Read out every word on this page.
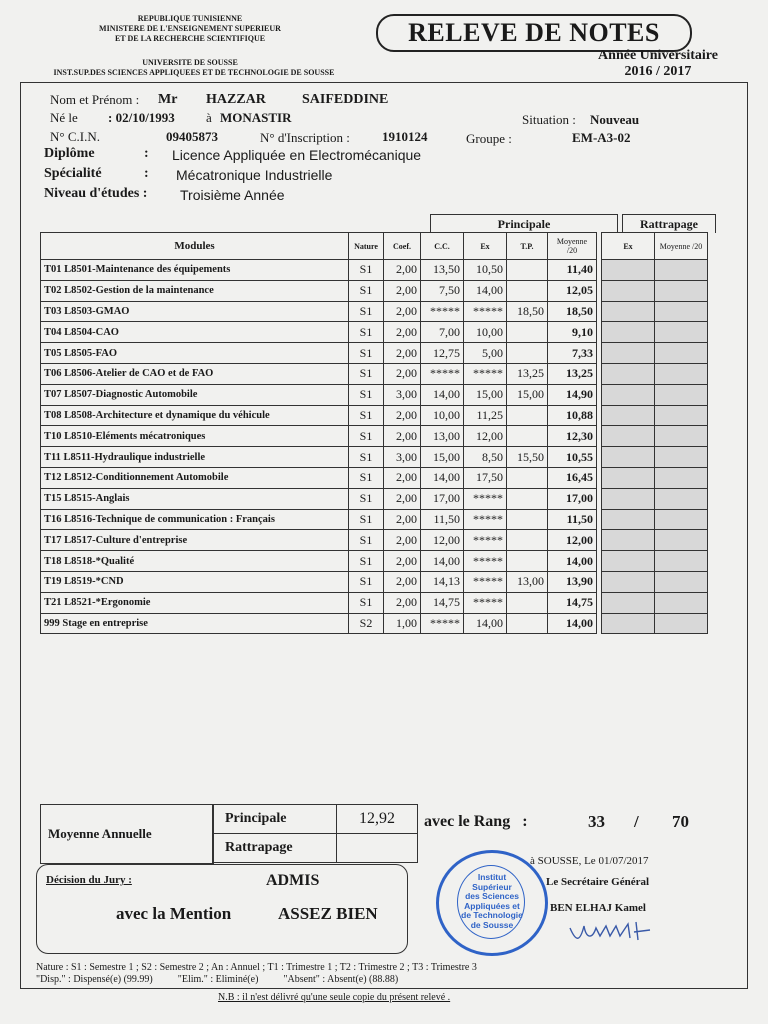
REPUBLIQUE TUNISIENNE
MINISTERE DE L'ENSEIGNEMENT SUPERIEUR
ET DE LA RECHERCHE SCIENTIFIQUE
UNIVERSITE DE SOUSSE
INST.SUP.DES SCIENCES APPLIQUEES ET DE TECHNOLOGIE DE SOUSSE
RELEVE DE NOTES
Année Universitaire
2016 / 2017
Nom et Prénom : Mr HAZZAR	SAIFEDDINE
Né le : 02/10/1993 à MONASTIR	Situation : Nouveau
N° C.I.N.	09405873	N° d'Inscription : 1910124	Groupe :	EM-A3-02
Diplôme	: Licence Appliquée en Electromécanique
Spécialité	: Mécatronique Industrielle
Niveau d'études : Troisième Année
Principale	Rattrapage
Modules	Nature	Coef.	C.C.	Ex	T.P.	Moyenne /20		Ex	Moyenne /20
T01 L8501-Maintenance des équipements	S1	2,00	13,50	10,50		11,40			
T02 L8502-Gestion de la maintenance	S1	2,00	7,50	14,00		12,05			
T03 L8503-GMAO	S1	2,00	*****	*****	18,50	18,50			
T04 L8504-CAO	S1	2,00	7,00	10,00		9,10			
T05 L8505-FAO	S1	2,00	12,75	5,00		7,33			
T06 L8506-Atelier de CAO et de FAO	S1	2,00	*****	*****	13,25	13,25			
T07 L8507-Diagnostic Automobile	S1	3,00	14,00	15,00	15,00	14,90			
T08 L8508-Architecture et dynamique du véhicule	S1	2,00	10,00	11,25		10,88			
T10 L8510-Eléments mécatroniques	S1	2,00	13,00	12,00		12,30			
T11 L8511-Hydraulique industrielle	S1	3,00	15,00	8,50	15,50	10,55			
T12 L8512-Conditionnement Automobile	S1	2,00	14,00	17,50		16,45			
T15 L8515-Anglais	S1	2,00	17,00	*****		17,00			
T16 L8516-Technique de communication : Français	S1	2,00	11,50	*****		11,50			
T17 L8517-Culture d'entreprise	S1	2,00	12,00	*****		12,00			
T18 L8518-*Qualité	S1	2,00	14,00	*****		14,00			
T19 L8519-*CND	S1	2,00	14,13	*****	13,00	13,90			
T21 L8521-*Ergonomie	S1	2,00	14,75	*****		14,75			
999 Stage en entreprise	S2	1,00	*****	14,00		14,00			
Moyenne Annuelle
Principale	12,92
Rattrapage	
avec le Rang   :	33 / 70
Décision du Jury :	ADMIS
avec la Mention	ASSEZ BIEN
Institut
Supérieur
des Sciences
Appliquées et
de Technologie
de Sousse
à SOUSSE, Le 01/07/2017
Le Secrétaire Général
BEN ELHAJ Kamel
Nature : S1 : Semestre 1 ; S2 : Semestre 2 ; An : Annuel ; T1 : Trimestre 1 ; T2 : Trimestre 2 ; T3 : Trimestre 3
"Disp." : Dispensé(e) (99.99)          "Elim." : Eliminé(e)          "Absent" : Absent(e) (88.88)
N.B : il n'est délivré qu'une seule copie du présent relevé .
